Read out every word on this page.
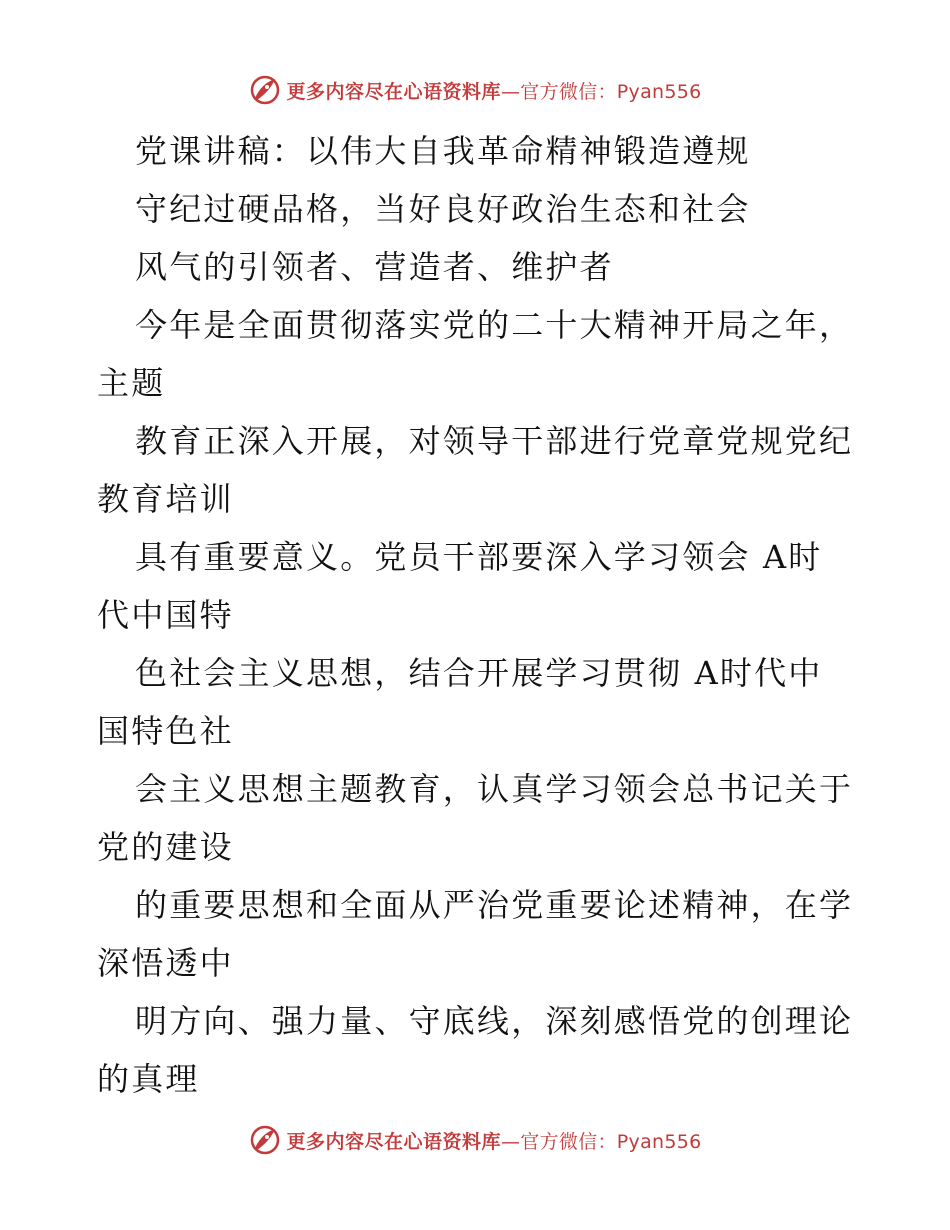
更多内容尽在心语资料库 —官方微信：Pyan556
党课讲稿：以伟大自我革命精神锻造遵规
守纪过硬品格，当好良好政治生态和社会
风气的引领者、营造者、维护者
今年是全面贯彻落实党的二十大精神开局之年，
主题
教育正深入开展，对领导干部进行党章党规党纪
教育培训
具有重要意义。党员干部要深入学习领会 A时
代中国特
色社会主义思想，结合开展学习贯彻 A时代中
国特色社
会主义思想主题教育，认真学习领会总书记关于
党的建设
的重要思想和全面从严治党重要论述精神，在学
深悟透中
明方向、强力量、守底线，深刻感悟党的创理论
的真理
更多内容尽在心语资料库 —官方微信：Pyan556
